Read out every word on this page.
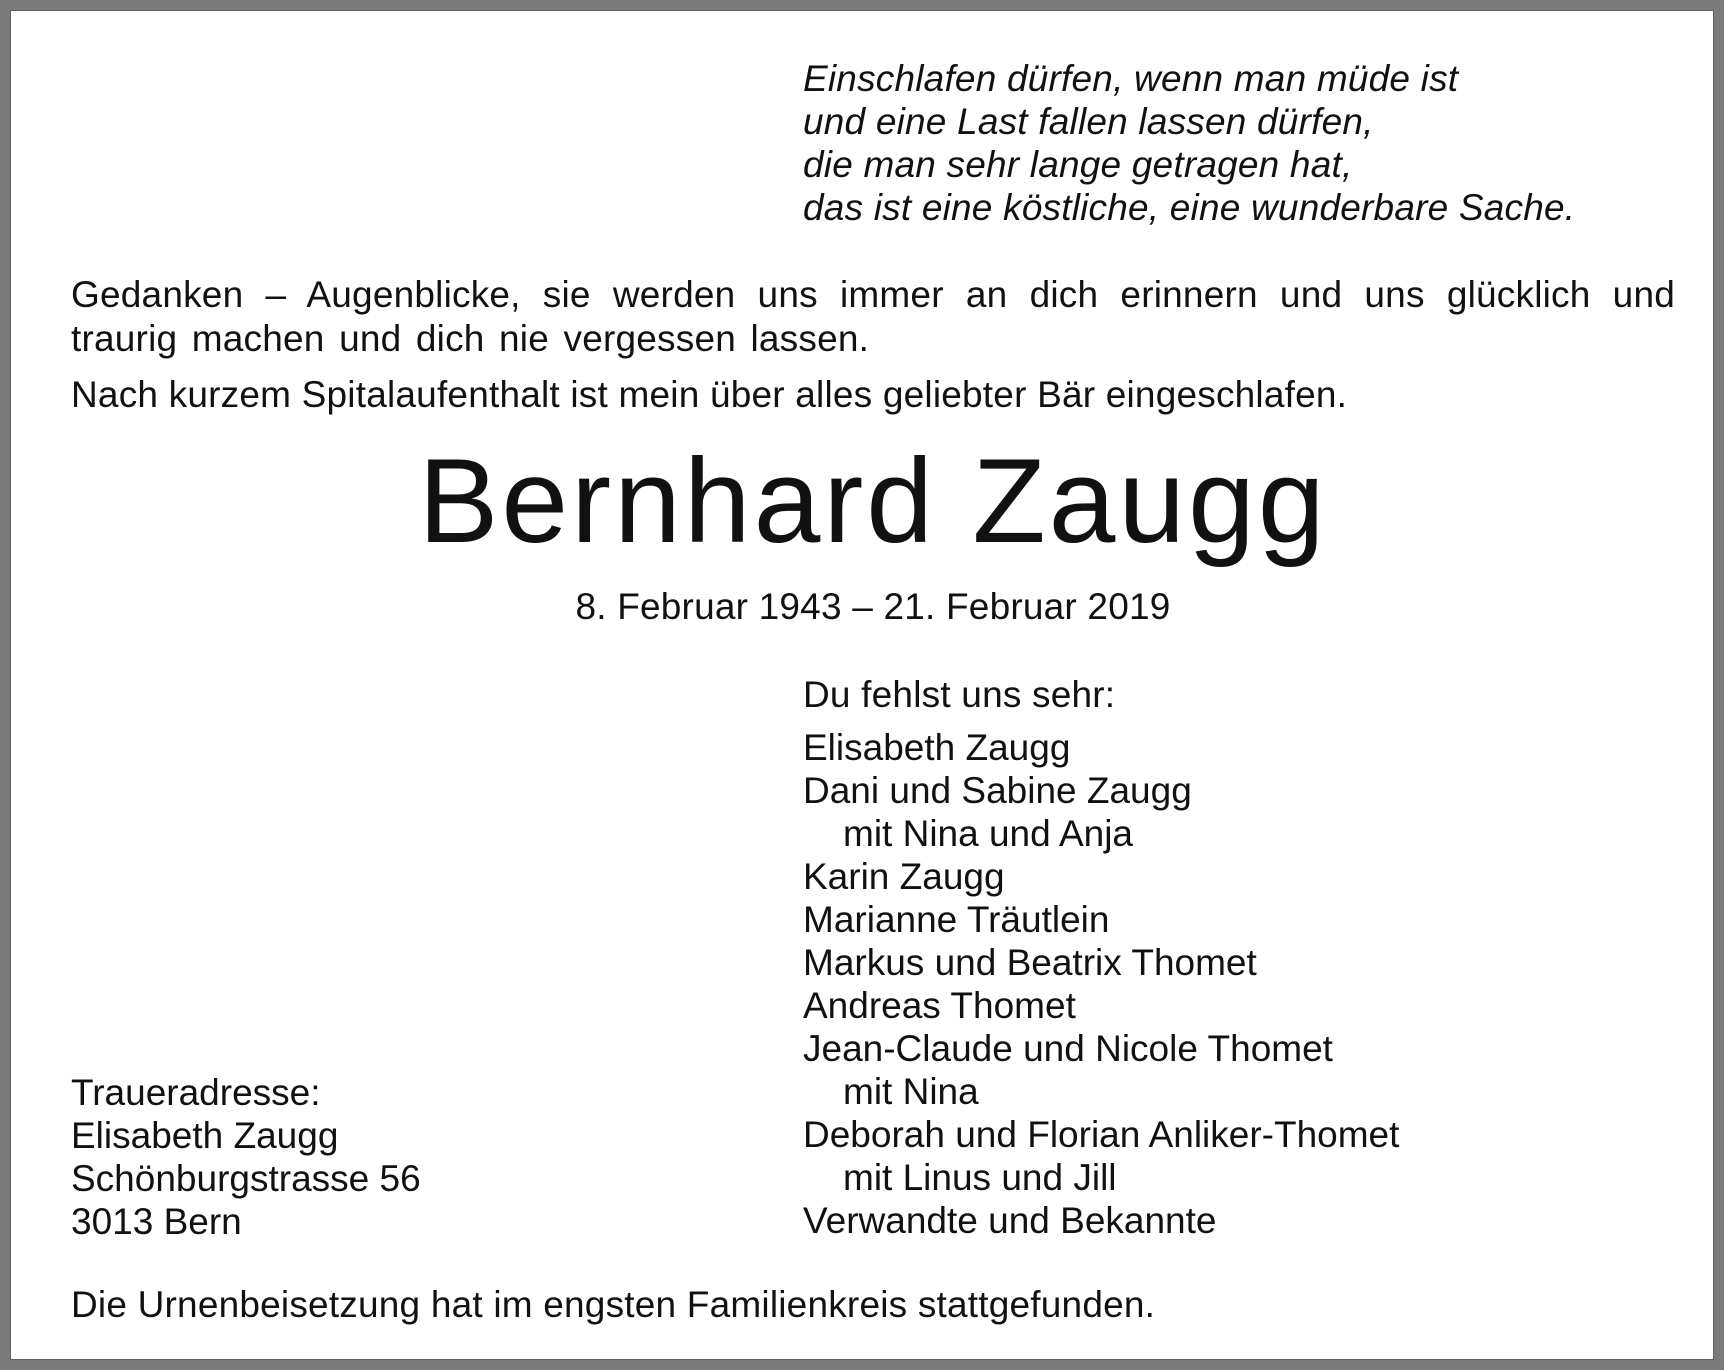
Einschlafen dürfen, wenn man müde ist
und eine Last fallen lassen dürfen,
die man sehr lange getragen hat,
das ist eine köstliche, eine wunderbare Sache.

Gedanken – Augenblicke, sie werden uns immer an dich erinnern und uns glücklich und traurig machen und dich nie vergessen lassen.

Nach kurzem Spitalaufenthalt ist mein über alles geliebter Bär eingeschlafen.

Bernhard Zaugg

8. Februar 1943 – 21. Februar 2019

Du fehlst uns sehr:

Elisabeth Zaugg
Dani und Sabine Zaugg
mit Nina und Anja
Karin Zaugg
Marianne Träutlein
Markus und Beatrix Thomet
Andreas Thomet
Jean-Claude und Nicole Thomet
mit Nina
Deborah und Florian Anliker-Thomet
mit Linus und Jill
Verwandte und Bekannte
Traueradresse:
Elisabeth Zaugg
Schönburgstrasse 56
3013 Bern

Die Urnenbeisetzung hat im engsten Familienkreis stattgefunden.
